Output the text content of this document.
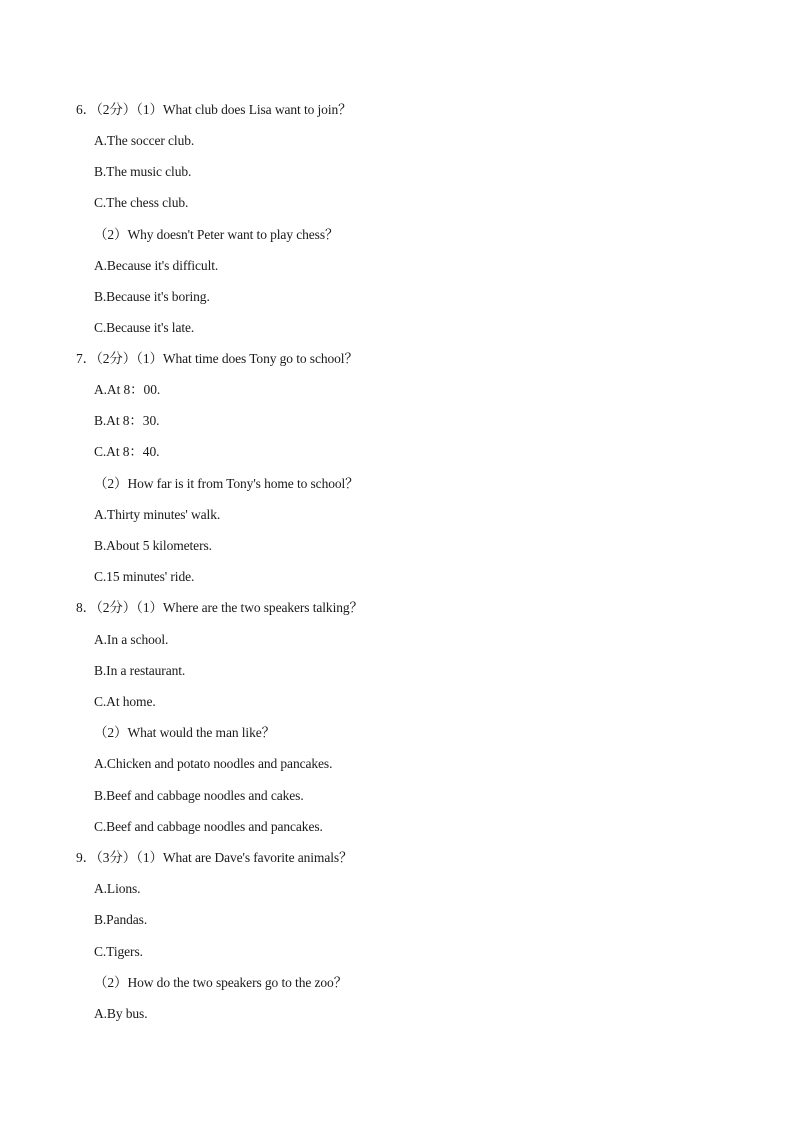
6．（2分）（1）What club does Lisa want to join？
A.The soccer club.
B.The music club.
C.The chess club.
（2）Why doesn't Peter want to play chess？
A.Because it's difficult.
B.Because it's boring.
C.Because it's late.
7．（2分）（1）What time does Tony go to school？
A.At 8：00.
B.At 8：30.
C.At 8：40.
（2）How far is it from Tony's home to school？
A.Thirty minutes' walk.
B.About 5 kilometers.
C.15 minutes' ride.
8．（2分）（1）Where are the two speakers talking？
A.In a school.
B.In a restaurant.
C.At home.
（2）What would the man like？
A.Chicken and potato noodles and pancakes.
B.Beef and cabbage noodles and cakes.
C.Beef and cabbage noodles and pancakes.
9．（3分）（1）What are Dave's favorite animals？
A.Lions.
B.Pandas.
C.Tigers.
（2）How do the two speakers go to the zoo？
A.By bus.
